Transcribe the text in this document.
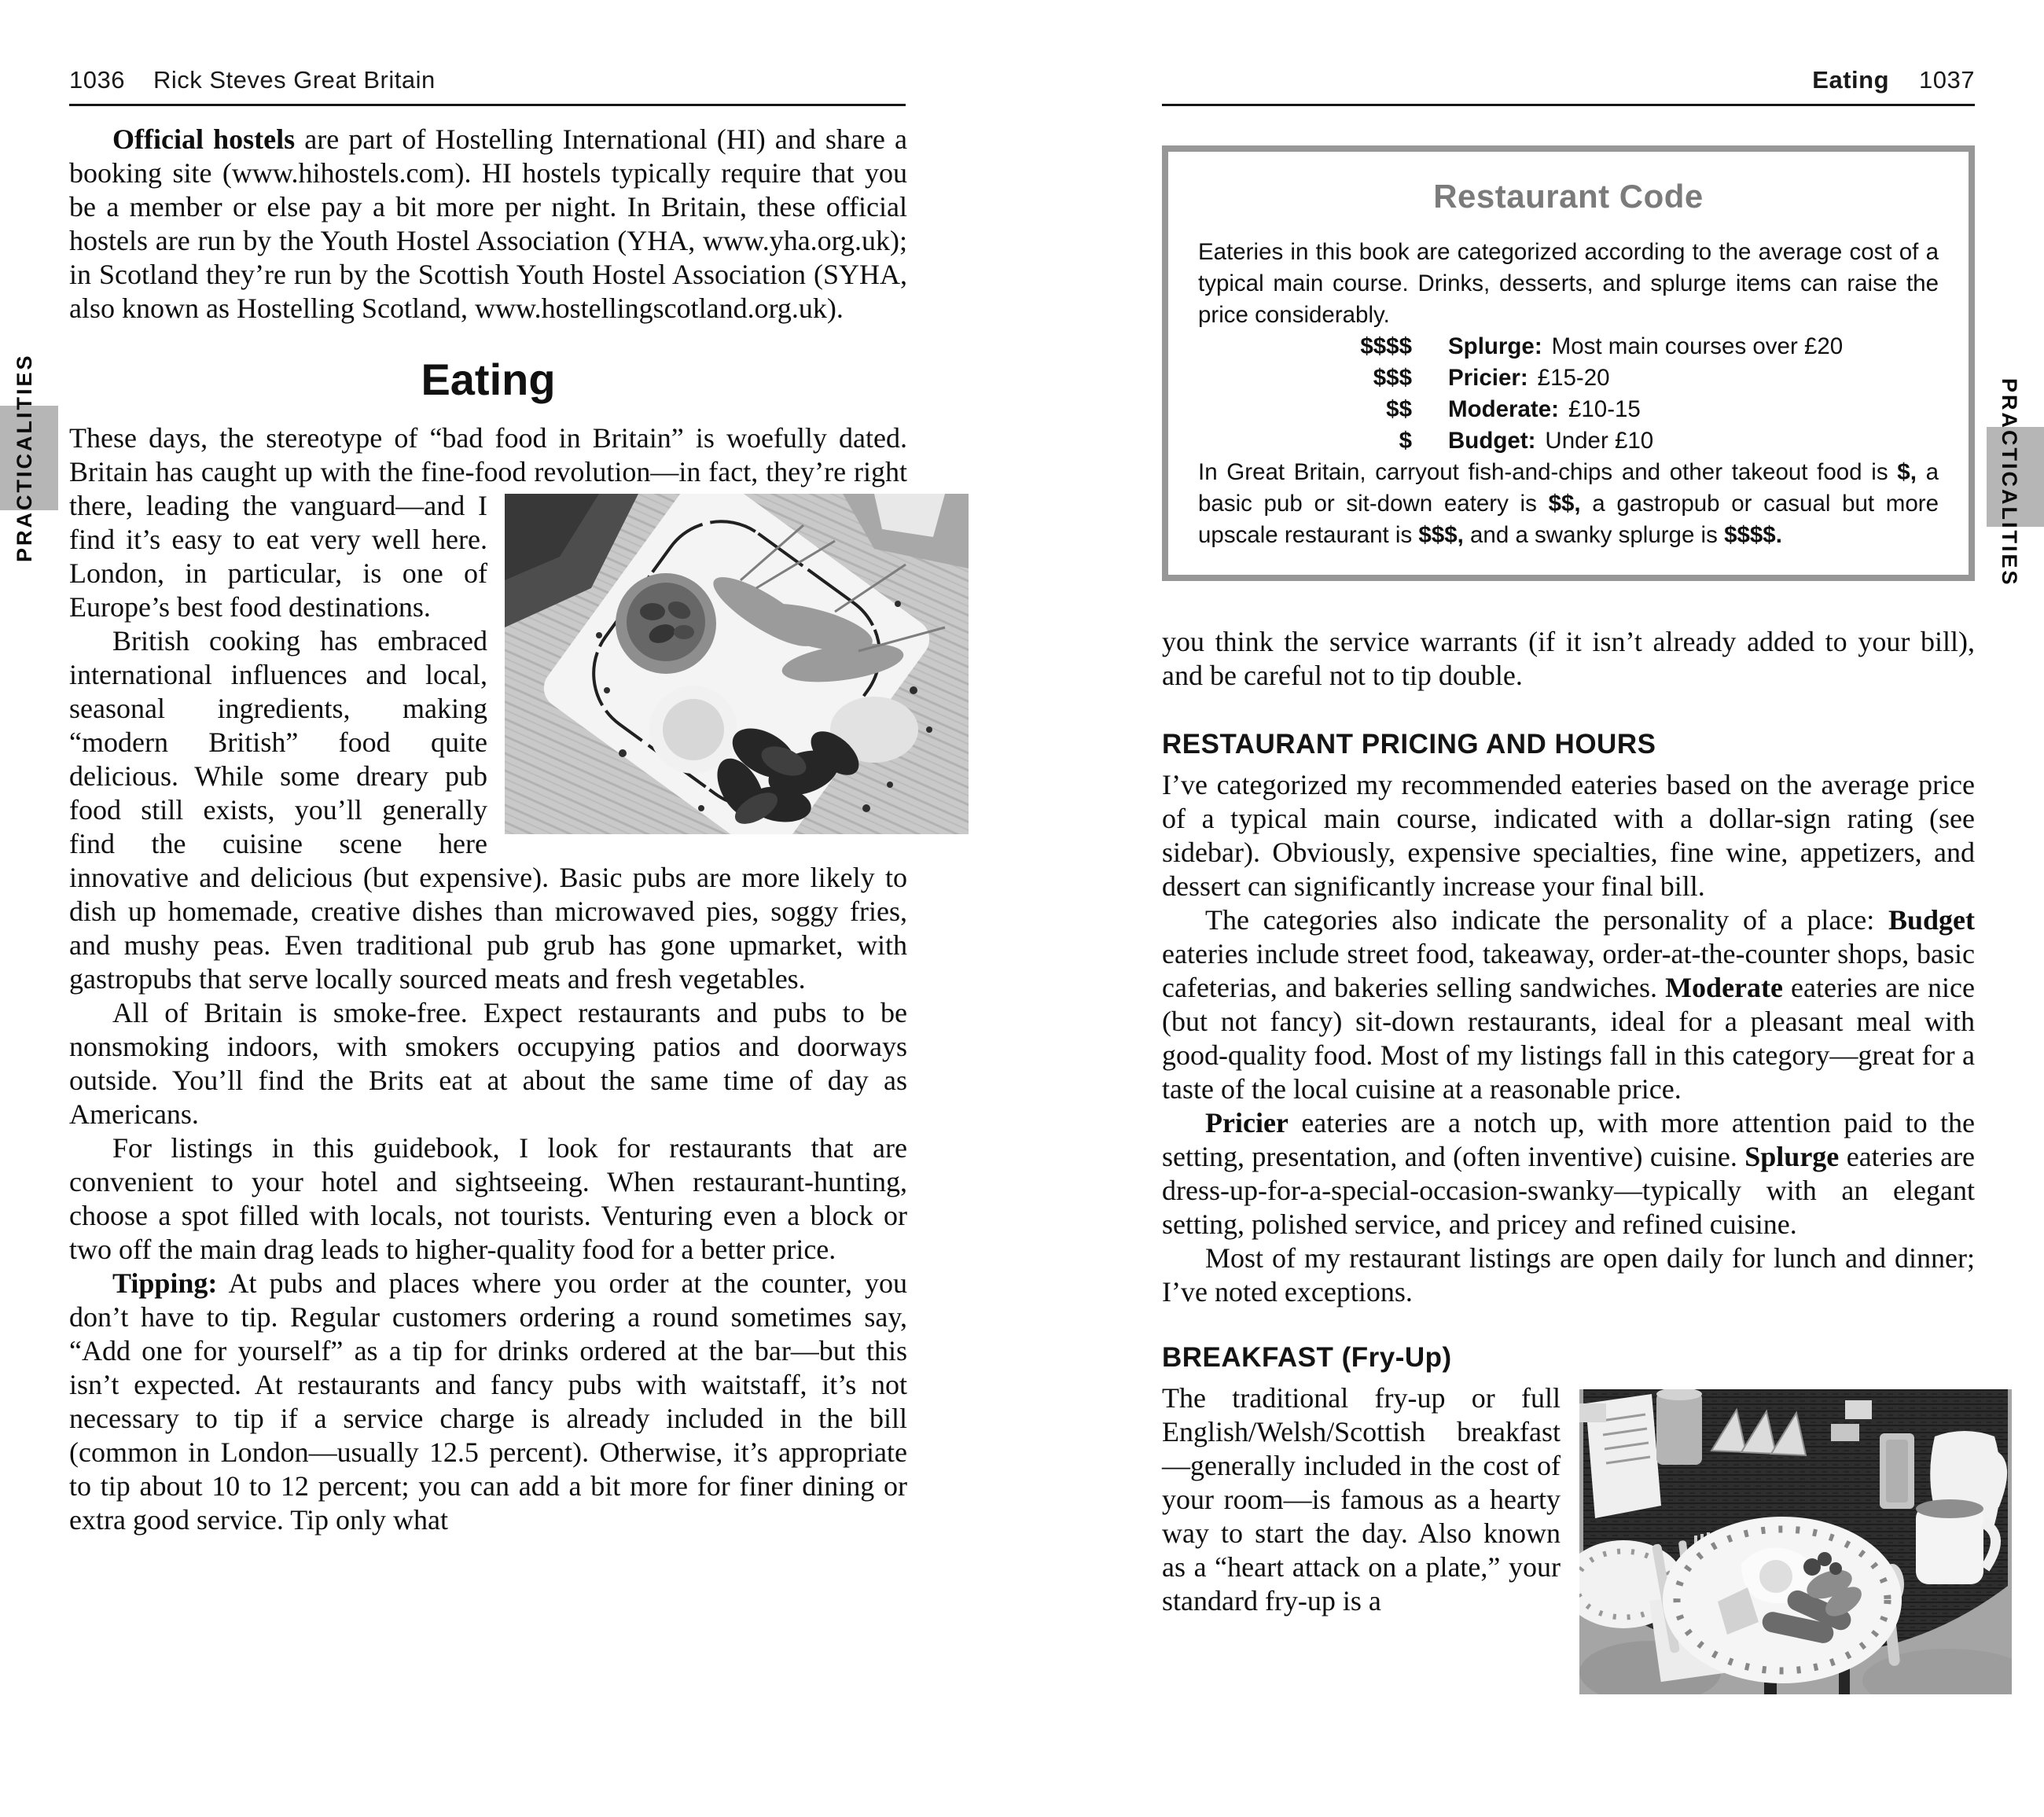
1036 Rick Steves Great Britain	Eating 1037
PRACTICALITIES	PRACTICALITIES

Official hostels are part of Hostelling International (HI) and share a booking site (www.hihostels.com). HI hostels typically require that you be a member or else pay a bit more per night. In Britain, these official hostels are run by the Youth Hostel Association (YHA, www.yha.org.uk); in Scotland they’re run by the Scottish Youth Hostel Association (SYHA, also known as Hostelling Scotland, www.hostellingscotland.org.uk).

Eating

These days, the stereotype of “bad food in Britain” is woefully dated. Britain has caught up with the fine-food revolution—in fact,
they’re right there, leading the vanguard—and I find it’s easy to eat very well here. London, in particular, is one of Europe’s best food destinations.

British cooking has embraced international influences and local, seasonal ingredients, making “modern British” food quite delicious. While some dreary pub food still exists, you’ll generally find the cuisine scene here innovative and delicious (but expensive). Basic pubs are more likely to dish up homemade, creative dishes than microwaved pies, soggy fries, and mushy peas. Even traditional pub grub has gone upmarket, with gastropubs that serve locally sourced meats and fresh vegetables.

All of Britain is smoke-free. Expect restaurants and pubs to be nonsmoking indoors, with smokers occupying patios and doorways outside. You’ll find the Brits eat at about the same time of day as Americans.

For listings in this guidebook, I look for restaurants that are convenient to your hotel and sightseeing. When restaurant-hunting, choose a spot filled with locals, not tourists. Venturing even a block or two off the main drag leads to higher-quality food for a better price.

Tipping: At pubs and places where you order at the counter, you don’t have to tip. Regular customers ordering a round sometimes say, “Add one for yourself” as a tip for drinks ordered at the bar—but this isn’t expected. At restaurants and fancy pubs with waitstaff, it’s not necessary to tip if a service charge is already included in the bill (common in London—usually 12.5 percent). Otherwise, it’s appropriate to tip about 10 to 12 percent; you can add a bit more for finer dining or extra good service. Tip only what

Restaurant Code
Eateries in this book are categorized according to the average cost of a typical main course. Drinks, desserts, and splurge items can raise the price considerably.
$$$$ Splurge: Most main courses over £20
$$$ Pricier: £15-20
$$ Moderate: £10-15
$ Budget: Under £10
In Great Britain, carryout fish-and-chips and other takeout food is $, a basic pub or sit-down eatery is $$, a gastropub or casual but more upscale restaurant is $$$, and a swanky splurge is $$$$.

you think the service warrants (if it isn’t already added to your bill), and be careful not to tip double.

RESTAURANT PRICING AND HOURS

I’ve categorized my recommended eateries based on the average price of a typical main course, indicated with a dollar-sign rating (see sidebar). Obviously, expensive specialties, fine wine, appetizers, and dessert can significantly increase your final bill.

The categories also indicate the personality of a place: Budget eateries include street food, takeaway, order-at-the-counter shops, basic cafeterias, and bakeries selling sandwiches. Moderate eateries are nice (but not fancy) sit-down restaurants, ideal for a pleasant meal with good-quality food. Most of my listings fall in this category—great for a taste of the local cuisine at a reasonable price.

Pricier eateries are a notch up, with more attention paid to the setting, presentation, and (often inventive) cuisine. Splurge eateries are dress-up-for-a-special-occasion-swanky—typically with an elegant setting, polished service, and pricey and refined cuisine.

Most of my restaurant listings are open daily for lunch and dinner; I’ve noted exceptions.

BREAKFAST (Fry-Up)

The traditional fry-up or full English/Welsh/Scottish breakfast—generally included in the cost of your room—is famous as a hearty way to start the day. Also known as a “heart attack on a plate,” your standard fry-up is a
